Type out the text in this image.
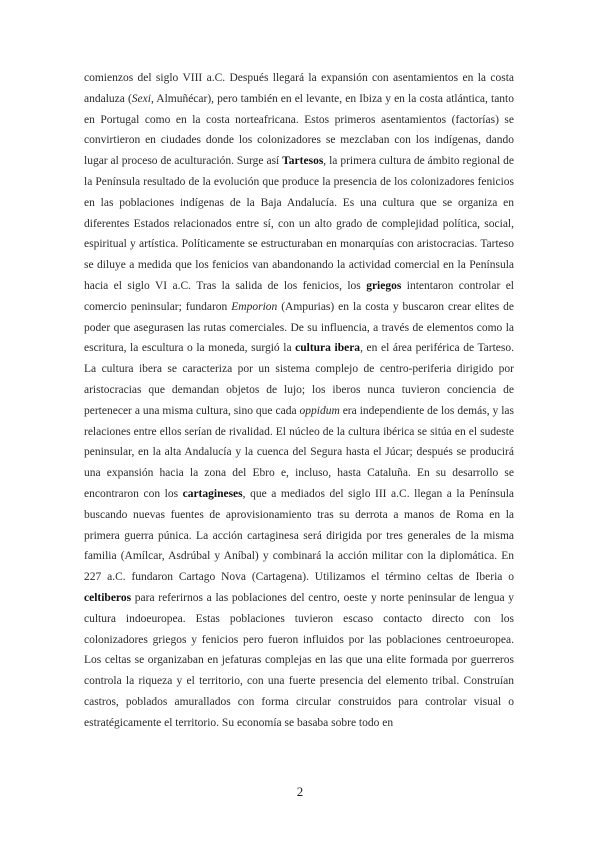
comienzos del siglo VIII a.C. Después llegará la expansión con asentamientos en la costa andaluza (Sexi, Almuñécar), pero también en el levante, en Ibiza y en la costa atlántica, tanto en Portugal como en la costa norteafricana. Estos primeros asentamientos (factorías) se convirtieron en ciudades donde los colonizadores se mezclaban con los indígenas, dando lugar al proceso de aculturación. Surge así Tartesos, la primera cultura de ámbito regional de la Península resultado de la evolución que produce la presencia de los colonizadores fenicios en las poblaciones indígenas de la Baja Andalucía. Es una cultura que se organiza en diferentes Estados relacionados entre sí, con un alto grado de complejidad política, social, espiritual y artística. Políticamente se estructuraban en monarquías con aristocracias. Tarteso se diluye a medida que los fenicios van abandonando la actividad comercial en la Península hacia el siglo VI a.C. Tras la salida de los fenicios, los griegos intentaron controlar el comercio peninsular; fundaron Emporion (Ampurias) en la costa y buscaron crear elites de poder que asegurasen las rutas comerciales. De su influencia, a través de elementos como la escritura, la escultura o la moneda, surgió la cultura ibera, en el área periférica de Tarteso. La cultura ibera se caracteriza por un sistema complejo de centro-periferia dirigido por aristocracias que demandan objetos de lujo; los iberos nunca tuvieron conciencia de pertenecer a una misma cultura, sino que cada oppidum era independiente de los demás, y las relaciones entre ellos serían de rivalidad. El núcleo de la cultura ibérica se sitúa en el sudeste peninsular, en la alta Andalucía y la cuenca del Segura hasta el Júcar; después se producirá una expansión hacia la zona del Ebro e, incluso, hasta Cataluña. En su desarrollo se encontraron con los cartagineses, que a mediados del siglo III a.C. llegan a la Península buscando nuevas fuentes de aprovisionamiento tras su derrota a manos de Roma en la primera guerra púnica. La acción cartaginesa será dirigida por tres generales de la misma familia (Amílcar, Asdrúbal y Aníbal) y combinará la acción militar con la diplomática. En 227 a.C. fundaron Cartago Nova (Cartagena). Utilizamos el término celtas de Iberia o celtiberos para referirnos a las poblaciones del centro, oeste y norte peninsular de lengua y cultura indoeuropea. Estas poblaciones tuvieron escaso contacto directo con los colonizadores griegos y fenicios pero fueron influidos por las poblaciones centroeuropea. Los celtas se organizaban en jefaturas complejas en las que una elite formada por guerreros controla la riqueza y el territorio, con una fuerte presencia del elemento tribal. Construían castros, poblados amurallados con forma circular construidos para controlar visual o estratégicamente el territorio. Su economía se basaba sobre todo en

2
